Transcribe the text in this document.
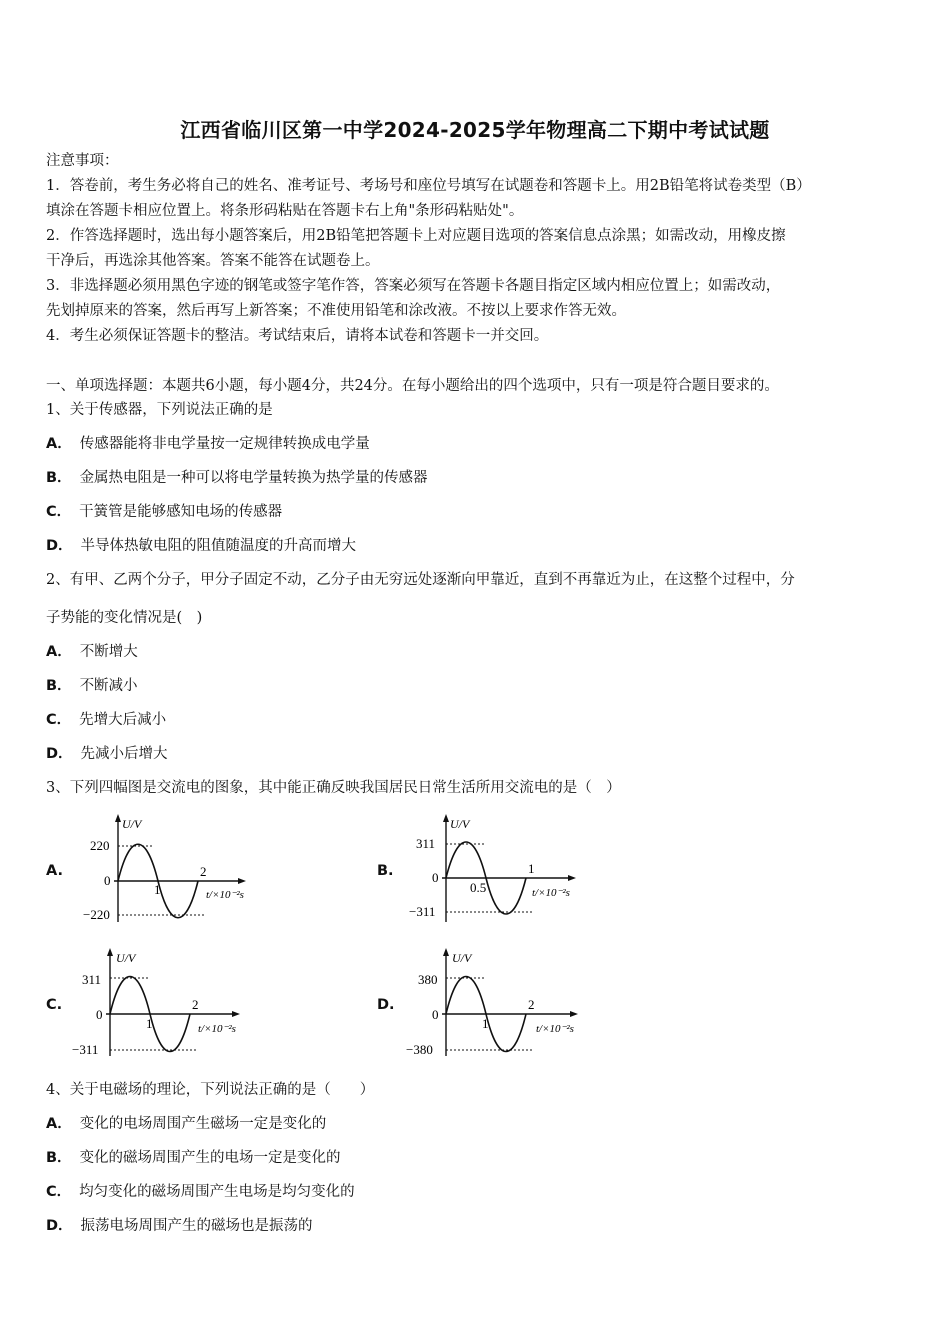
江西省临川区第一中学2024-2025学年物理高二下期中考试试题
注意事项：
1．答卷前，考生务必将自己的姓名、准考证号、考场号和座位号填写在试题卷和答题卡上。用2B铅笔将试卷类型（B）
填涂在答题卡相应位置上。将条形码粘贴在答题卡右上角"条形码粘贴处"。
2．作答选择题时，选出每小题答案后，用2B铅笔把答题卡上对应题目选项的答案信息点涂黑；如需改动，用橡皮擦
干净后，再选涂其他答案。答案不能答在试题卷上。
3．非选择题必须用黑色字迹的钢笔或签字笔作答，答案必须写在答题卡各题目指定区域内相应位置上；如需改动，
先划掉原来的答案，然后再写上新答案；不准使用铅笔和涂改液。不按以上要求作答无效。
4．考生必须保证答题卡的整洁。考试结束后，请将本试卷和答题卡一并交回。
一、单项选择题：本题共6小题，每小题4分，共24分。在每小题给出的四个选项中，只有一项是符合题目要求的。
1、关于传感器，下列说法正确的是
A． 传感器能将非电学量按一定规律转换成电学量
B． 金属热电阻是一种可以将电学量转换为热学量的传感器
C． 干簧管是能够感知电场的传感器
D． 半导体热敏电阻的阻值随温度的升高而增大
2、有甲、乙两个分子，甲分子固定不动，乙分子由无穷远处逐渐向甲靠近，直到不再靠近为止，在这整个过程中，分
子势能的变化情况是(　)
A． 不断增大
B． 不断减小
C． 先增大后减小
D． 先减小后增大
3、下列四幅图是交流电的图象，其中能正确反映我国居民日常生活所用交流电的是（　）
A.	B.
C.	D.
U/V
220
0
−220
1
2
t/×10⁻²s
U/V
311
0
−311
0.5
1
t/×10⁻²s
U/V
311
0
−311
1
2
t/×10⁻²s
U/V
380
0
−380
1
2
t/×10⁻²s
4、关于电磁场的理论，下列说法正确的是（　　）
A． 变化的电场周围产生磁场一定是变化的
B． 变化的磁场周围产生的电场一定是变化的
C． 均匀变化的磁场周围产生电场是均匀变化的
D． 振荡电场周围产生的磁场也是振荡的
